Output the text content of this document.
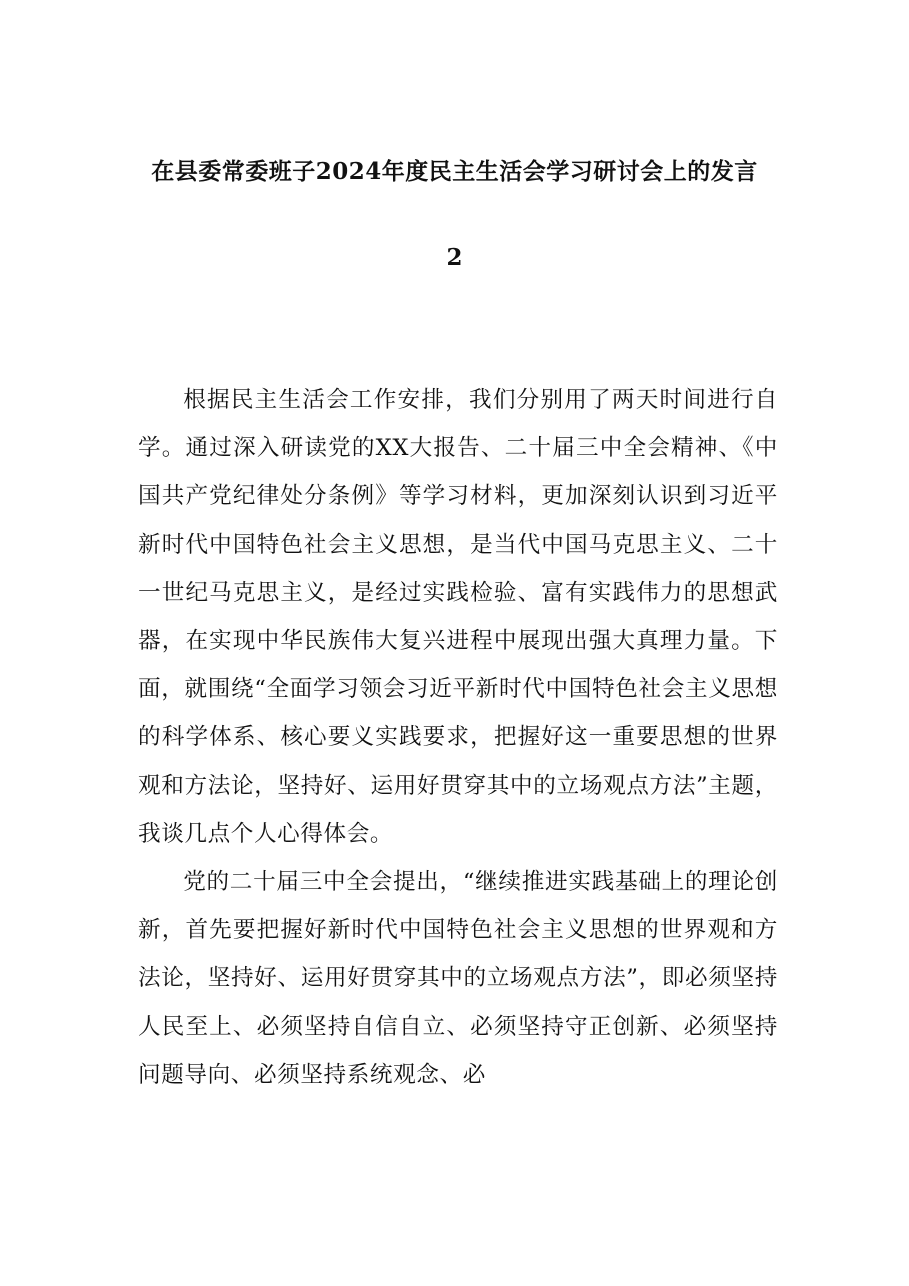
在县委常委班子2024年度民主生活会学习研讨会上的发言
2

根据民主生活会工作安排，我们分别用了两天时间进行自学。通过深入研读党的XX大报告、二十届三中全会精神、《中国共产党纪律处分条例》等学习材料，更加深刻认识到习近平新时代中国特色社会主义思想，是当代中国马克思主义、二十一世纪马克思主义，是经过实践检验、富有实践伟力的思想武器，在实现中华民族伟大复兴进程中展现出强大真理力量。下面，就围绕“全面学习领会习近平新时代中国特色社会主义思想的科学体系、核心要义实践要求，把握好这一重要思想的世界观和方法论，坚持好、运用好贯穿其中的立场观点方法”主题，我谈几点个人心得体会。

党的二十届三中全会提出，“继续推进实践基础上的理论创新，首先要把握好新时代中国特色社会主义思想的世界观和方法论，坚持好、运用好贯穿其中的立场观点方法”，即必须坚持人民至上、必须坚持自信自立、必须坚持守正创新、必须坚持问题导向、必须坚持系统观念、必
